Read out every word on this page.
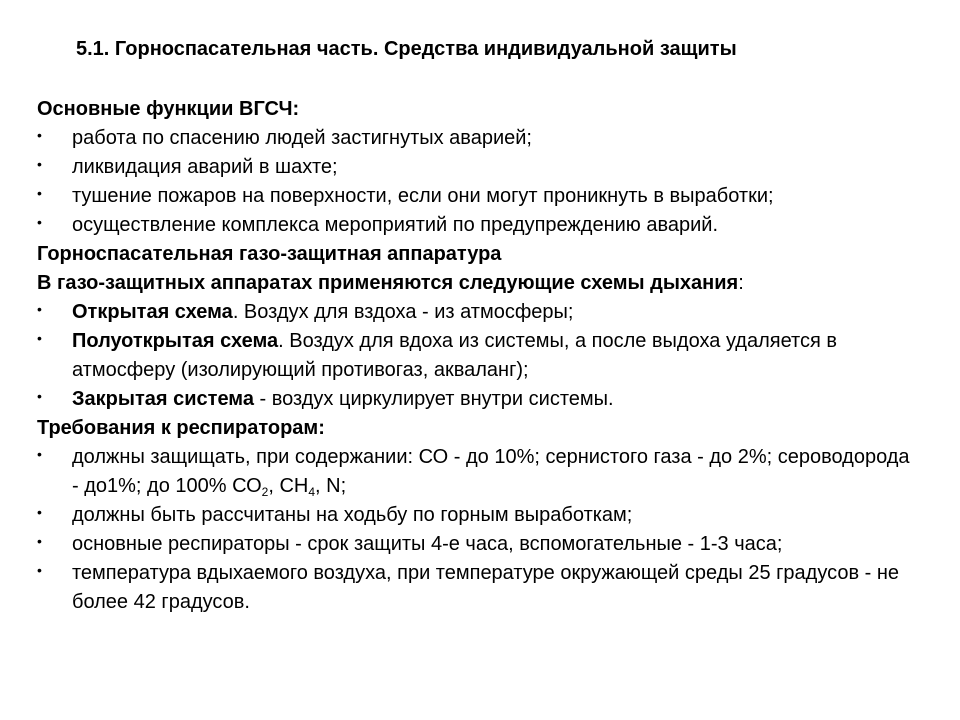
5.1. Горноспасательная часть. Средства индивидуальной защиты
Основные функции ВГСЧ:
• работа по спасению людей застигнутых аварией;
• ликвидация аварий в шахте;
• тушение пожаров на поверхности, если они могут проникнуть в выработки;
• осуществление комплекса мероприятий по предупреждению аварий.
Горноспасательная газо-защитная аппаратура
В газо-защитных аппаратах применяются следующие схемы дыхания:
• Открытая схема. Воздух для вздоха - из атмосферы;
• Полуоткрытая схема. Воздух для вдоха из системы, а после выдоха удаляется в атмосферу (изолирующий противогаз, акваланг);
• Закрытая система - воздух циркулирует внутри системы.
Требования к респираторам:
• должны защищать, при содержании: СО - до 10%; сернистого газа - до 2%; сероводорода - до1%; до 100% $СО_2$, $СН_4$, N;
• должны быть рассчитаны на ходьбу по горным выработкам;
• основные респираторы - срок защиты 4-е часа, вспомогательные - 1-3 часа;
• температура вдыхаемого воздуха, при температуре окружающей среды 25 градусов - не более 42 градусов.
